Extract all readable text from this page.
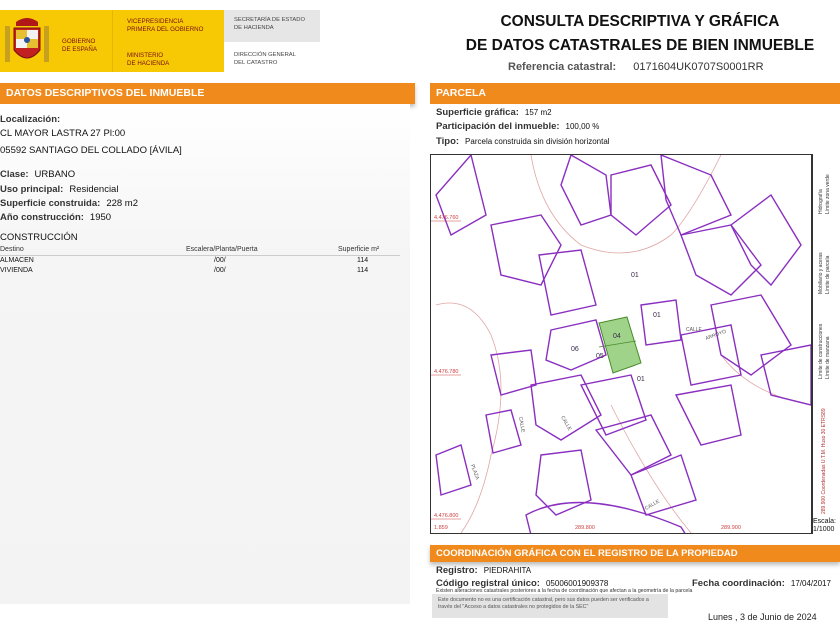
GOBIERNO
DE ESPAÑA
VICEPRESIDENCIA
PRIMERA DEL GOBIERNO
MINISTERIO
DE HACIENDA
SECRETARÍA DE ESTADO
DE HACIENDA
DIRECCIÓN GENERAL
DEL CATASTRO
CONSULTA DESCRIPTIVA Y GRÁFICA
DE DATOS CATASTRALES DE BIEN INMUEBLE
Referencia catastral: 0171604UK0707S0001RR
DATOS DESCRIPTIVOS DEL INMUEBLE
Localización:
CL MAYOR LASTRA 27 Pl:00
05592 SANTIAGO DEL COLLADO [ÁVILA]
Clase: URBANO
Uso principal: Residencial
Superficie construida: 228 m2
Año construcción: 1950
CONSTRUCCIÓN
Destino	Escalera/Planta/Puerta	Superficie m²
ALMACEN	/00/	114
VIVIENDA	/00/	114
PARCELA
Superficie gráfica: 157 m2
Participación del inmueble: 100,00 %
Tipo: Parcela construida sin división horizontal
04
05
06
01
01
01
CALLE ARROYO
CALLE
CALLE
PLAZA
CALLE
4.476.760
4.476.780
4.476.800
1.859	289.800	289.900
Hidrografía Límite zona verde
Mobiliario y aceras Límite de parcela
Límite de construcciones Límite de manzana
289.900 Coordenadas U.T.M. Huso 30 ETRS89
Escala:
1/1000
COORDINACIÓN GRÁFICA CON EL REGISTRO DE LA PROPIEDAD
Registro: PIEDRAHITA
Código registral único: 05006001909378	Fecha coordinación: 17/04/2017
Existen alteraciones catastrales posteriores a la fecha de coordinación que afectan a la geometría de la parcela
Este documento no es una certificación catastral, pero sus datos pueden ser verificados a través del "Acceso a datos catastrales no protegidos de la SEC"
Lunes , 3 de Junio de 2024
